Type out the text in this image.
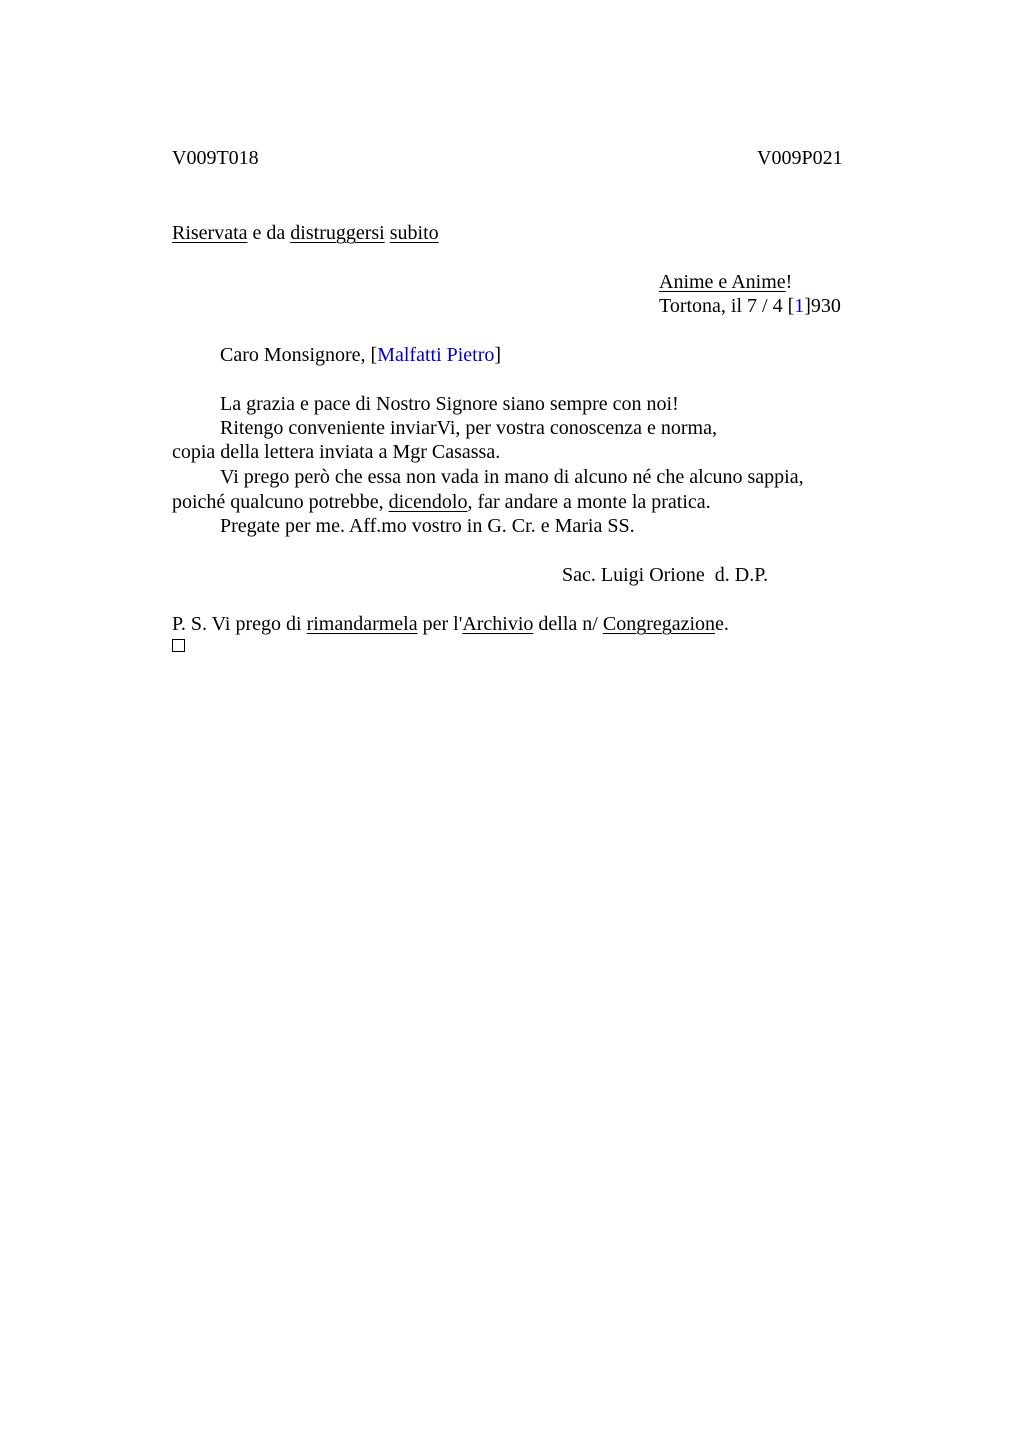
V009T018	V009P021
Riservata e da distruggersi subito
Anime e Anime!
Tortona, il 7 / 4 [1]930
Caro Monsignore, [Malfatti Pietro]
La grazia e pace di Nostro Signore siano sempre con noi!
Ritengo conveniente inviarVi, per vostra conoscenza e norma,
copia della lettera inviata a Mgr Casassa.
Vi prego però che essa non vada in mano di alcuno né che alcuno sappia,
poiché qualcuno potrebbe, dicendolo, far andare a monte la pratica.
Pregate per me. Aff.mo vostro in G. Cr. e Maria SS.
Sac. Luigi Orione  d. D.P.
P. S. Vi prego di rimandarmela per l'Archivio della n/ Congregazione.
